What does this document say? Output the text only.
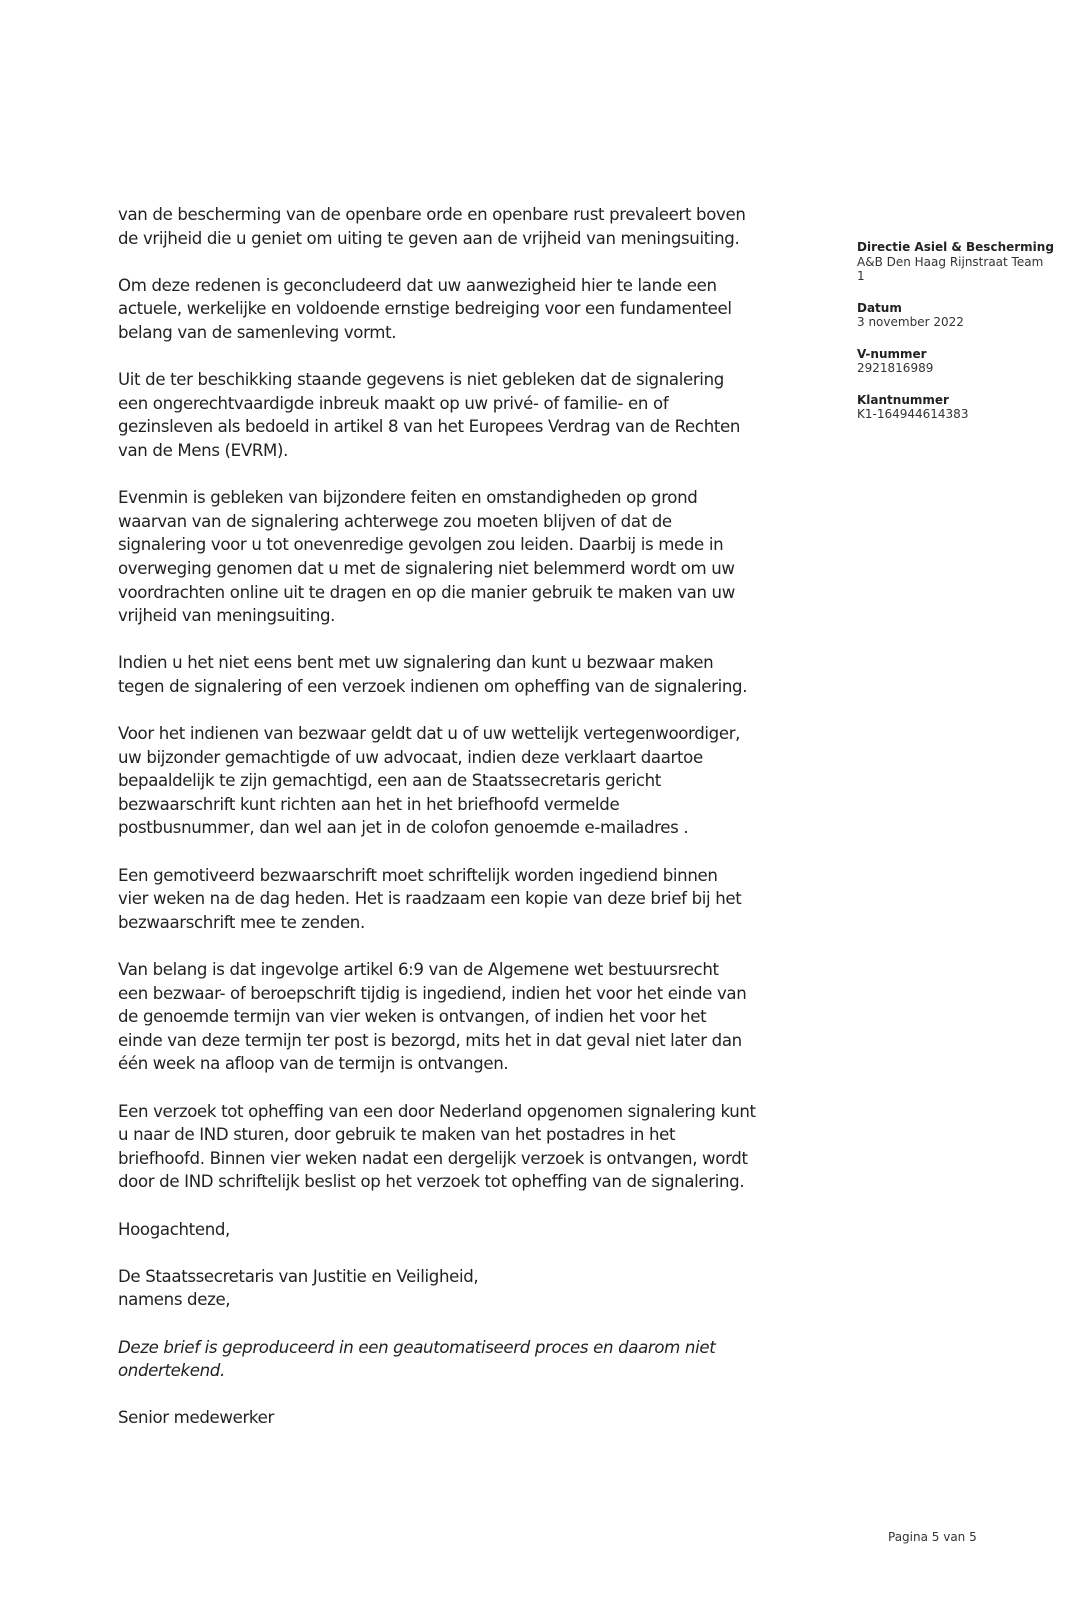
van de bescherming van de openbare orde en openbare rust prevaleert boven
de vrijheid die u geniet om uiting te geven aan de vrijheid van meningsuiting.

Om deze redenen is geconcludeerd dat uw aanwezigheid hier te lande een
actuele, werkelijke en voldoende ernstige bedreiging voor een fundamenteel
belang van de samenleving vormt.

Uit de ter beschikking staande gegevens is niet gebleken dat de signalering
een ongerechtvaardigde inbreuk maakt op uw privé- of familie- en of
gezinsleven als bedoeld in artikel 8 van het Europees Verdrag van de Rechten
van de Mens (EVRM).

Evenmin is gebleken van bijzondere feiten en omstandigheden op grond
waarvan van de signalering achterwege zou moeten blijven of dat de
signalering voor u tot onevenredige gevolgen zou leiden. Daarbij is mede in
overweging genomen dat u met de signalering niet belemmerd wordt om uw
voordrachten online uit te dragen en op die manier gebruik te maken van uw
vrijheid van meningsuiting.

Indien u het niet eens bent met uw signalering dan kunt u bezwaar maken
tegen de signalering of een verzoek indienen om opheffing van de signalering.

Voor het indienen van bezwaar geldt dat u of uw wettelijk vertegenwoordiger,
uw bijzonder gemachtigde of uw advocaat, indien deze verklaart daartoe
bepaaldelijk te zijn gemachtigd, een aan de Staatssecretaris gericht
bezwaarschrift kunt richten aan het in het briefhoofd vermelde
postbusnummer, dan wel aan jet in de colofon genoemde e-mailadres .

Een gemotiveerd bezwaarschrift moet schriftelijk worden ingediend binnen
vier weken na de dag heden. Het is raadzaam een kopie van deze brief bij het
bezwaarschrift mee te zenden.

Van belang is dat ingevolge artikel 6:9 van de Algemene wet bestuursrecht
een bezwaar- of beroepschrift tijdig is ingediend, indien het voor het einde van
de genoemde termijn van vier weken is ontvangen, of indien het voor het
einde van deze termijn ter post is bezorgd, mits het in dat geval niet later dan
één week na afloop van de termijn is ontvangen.

Een verzoek tot opheffing van een door Nederland opgenomen signalering kunt
u naar de IND sturen, door gebruik te maken van het postadres in het
briefhoofd. Binnen vier weken nadat een dergelijk verzoek is ontvangen, wordt
door de IND schriftelijk beslist op het verzoek tot opheffing van de signalering.

Hoogachtend,

De Staatssecretaris van Justitie en Veiligheid,
namens deze,

Deze brief is geproduceerd in een geautomatiseerd proces en daarom niet
ondertekend.

Senior medewerker

Directie Asiel & Bescherming
A&B Den Haag Rijnstraat Team
1
Datum
3 november 2022
V-nummer
2921816989
Klantnummer
K1-164944614383
Pagina 5 van 5
